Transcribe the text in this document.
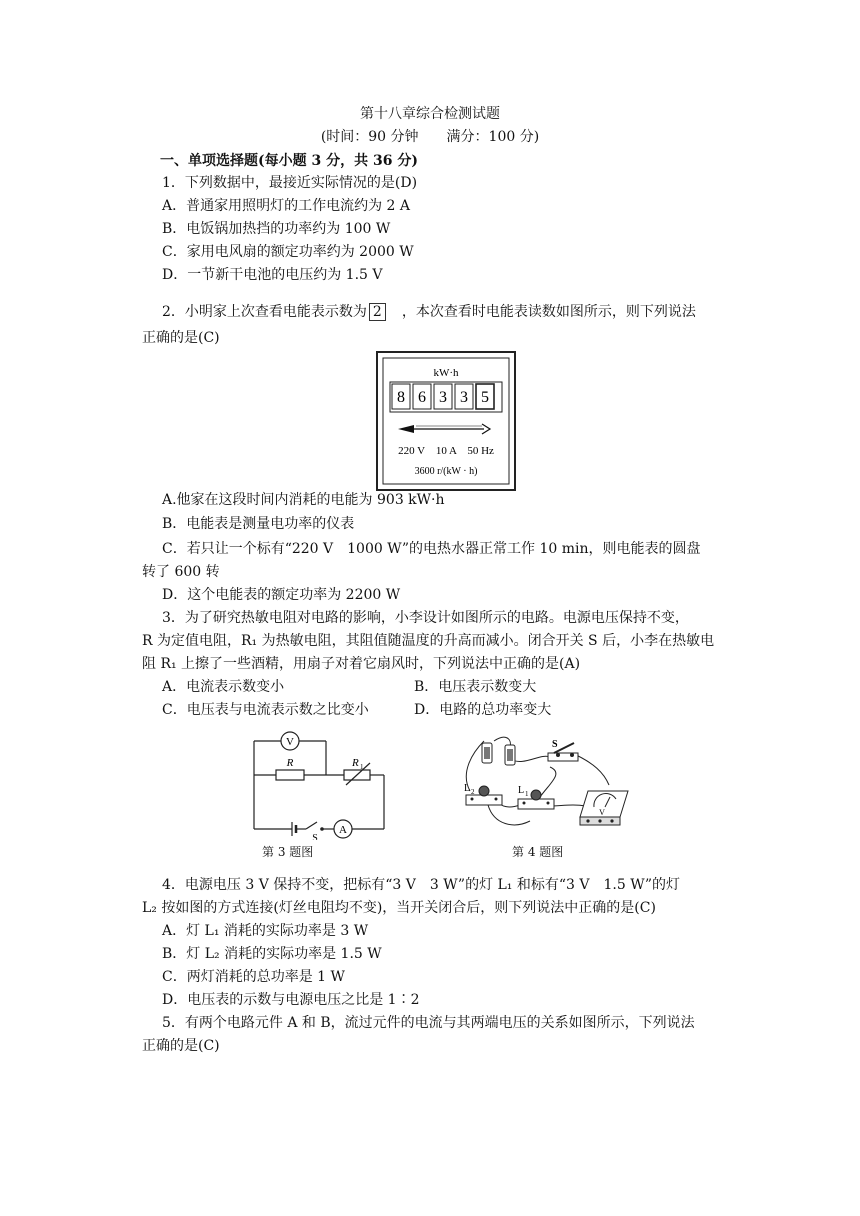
第十八章综合检测试题
(时间：90 分钟　　满分：100 分)
一、单项选择题(每小题 3 分，共 36 分)
1．下列数据中，最接近实际情况的是(D)
A．普通家用照明灯的工作电流约为 2 A
B．电饭锅加热挡的功率约为 100 W
C．家用电风扇的额定功率约为 2000 W
D．一节新干电池的电压约为 1.5 V
2．小明家上次查看电能表示数为 2　 ，本次查看时电能表读数如图所示，则下列说法
正确的是(C)
kW·h
8 6 3 3 5
220 V　10 A　50 Hz
3600 r/(kW · h)
A.他家在这段时间内消耗的电能为 903 kW·h
B．电能表是测量电功率的仪表
C．若只让一个标有“220 V　1000 W”的电热水器正常工作 10 min，则电能表的圆盘
转了 600 转
D．这个电能表的额定功率为 2200 W
3．为了研究热敏电阻对电路的影响，小李设计如图所示的电路。电源电压保持不变，
R 为定值电阻，R₁ 为热敏电阻，其阻值随温度的升高而减小。闭合开关 S 后，小李在热敏电
阻 R₁ 上擦了一些酒精，用扇子对着它扇风时，下列说法中正确的是(A)
A．电流表示数变小	B．电压表示数变大
C．电压表与电流表示数之比变小	D．电路的总功率变大
V
A
R	R 1
S
第 3 题图
S
L 2	L 1
V
第 4 题图
4．电源电压 3 V 保持不变，把标有“3 V　3 W”的灯 L₁ 和标有“3 V　1.5 W”的灯
L₂ 按如图的方式连接(灯丝电阻均不变)，当开关闭合后，则下列说法中正确的是(C)
A．灯 L₁ 消耗的实际功率是 3 W
B．灯 L₂ 消耗的实际功率是 1.5 W
C．两灯消耗的总功率是 1 W
D．电压表的示数与电源电压之比是 1∶2
5．有两个电路元件 A 和 B，流过元件的电流与其两端电压的关系如图所示，下列说法
正确的是(C)
